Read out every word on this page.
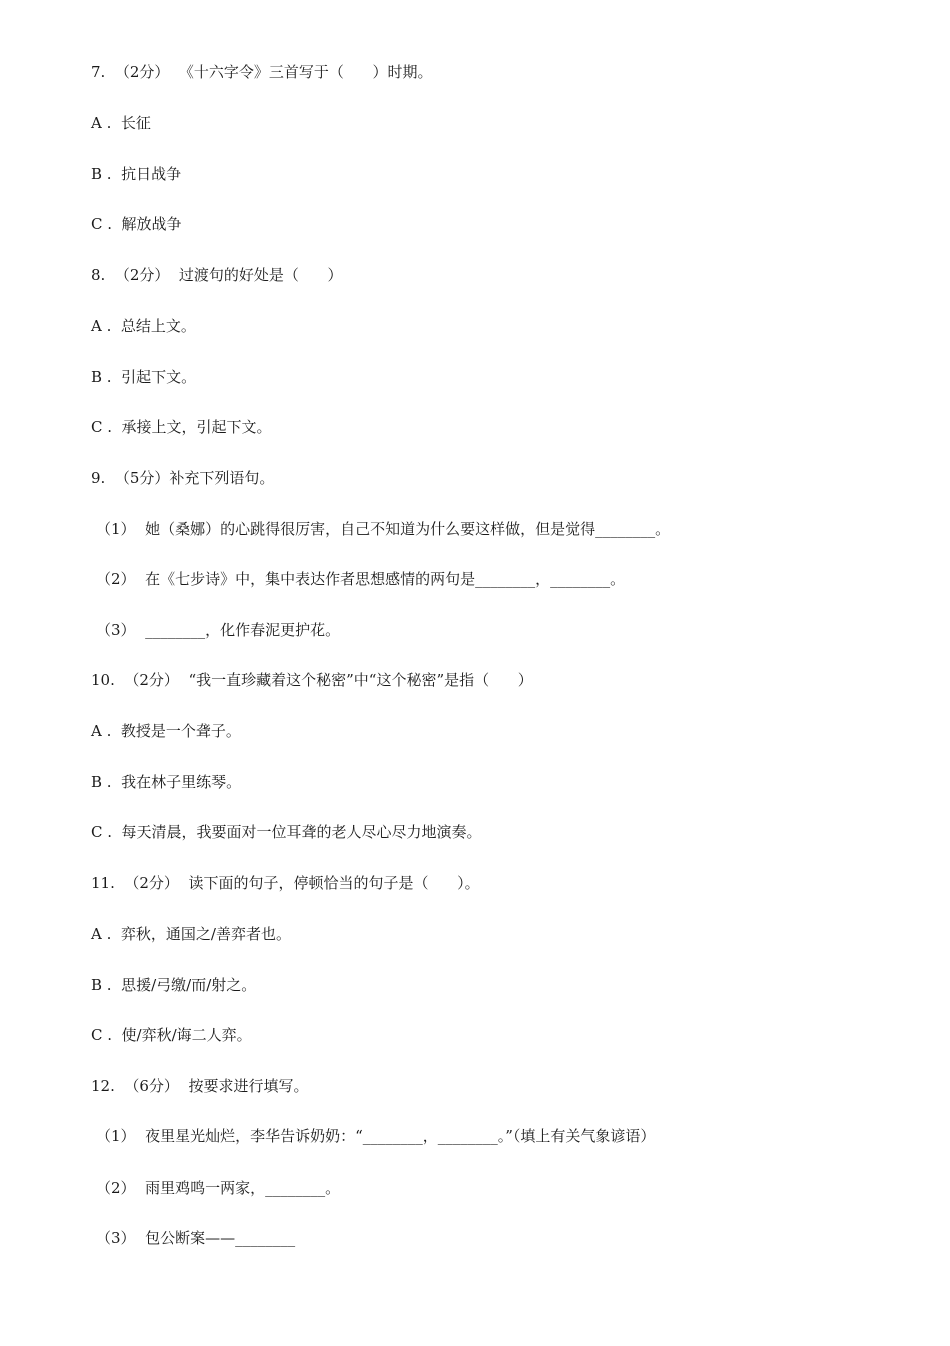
7.  （2分）  《十六字令》三首写于（      ）时期。
A .  长征
B .  抗日战争
C .  解放战争
8.  （2分）  过渡句的好处是（      ）
A .  总结上文。
B .  引起下文。
C .  承接上文，引起下文。
9.  （5分）补充下列语句。
（1）  她（桑娜）的心跳得很厉害，自己不知道为什么要这样做，但是觉得________。
（2）  在《七步诗》中，集中表达作者思想感情的两句是________，________。
（3）  ________，化作春泥更护花。
10.  （2分）  “我一直珍藏着这个秘密”中“这个秘密”是指（      ）
A .  教授是一个聋子。
B .  我在林子里练琴。
C .  每天清晨，我要面对一位耳聋的老人尽心尽力地演奏。
11.  （2分）  读下面的句子，停顿恰当的句子是（      ）。
A .  弈秋，通国之/善弈者也。
B .  思援/弓缴/而/射之。
C .  使/弈秋/诲二人弈。
12.  （6分）  按要求进行填写。
（1）  夜里星光灿烂，李华告诉奶奶：“________，________。”（填上有关气象谚语）
（2）  雨里鸡鸣一两家，________。
（3）  包公断案——________
